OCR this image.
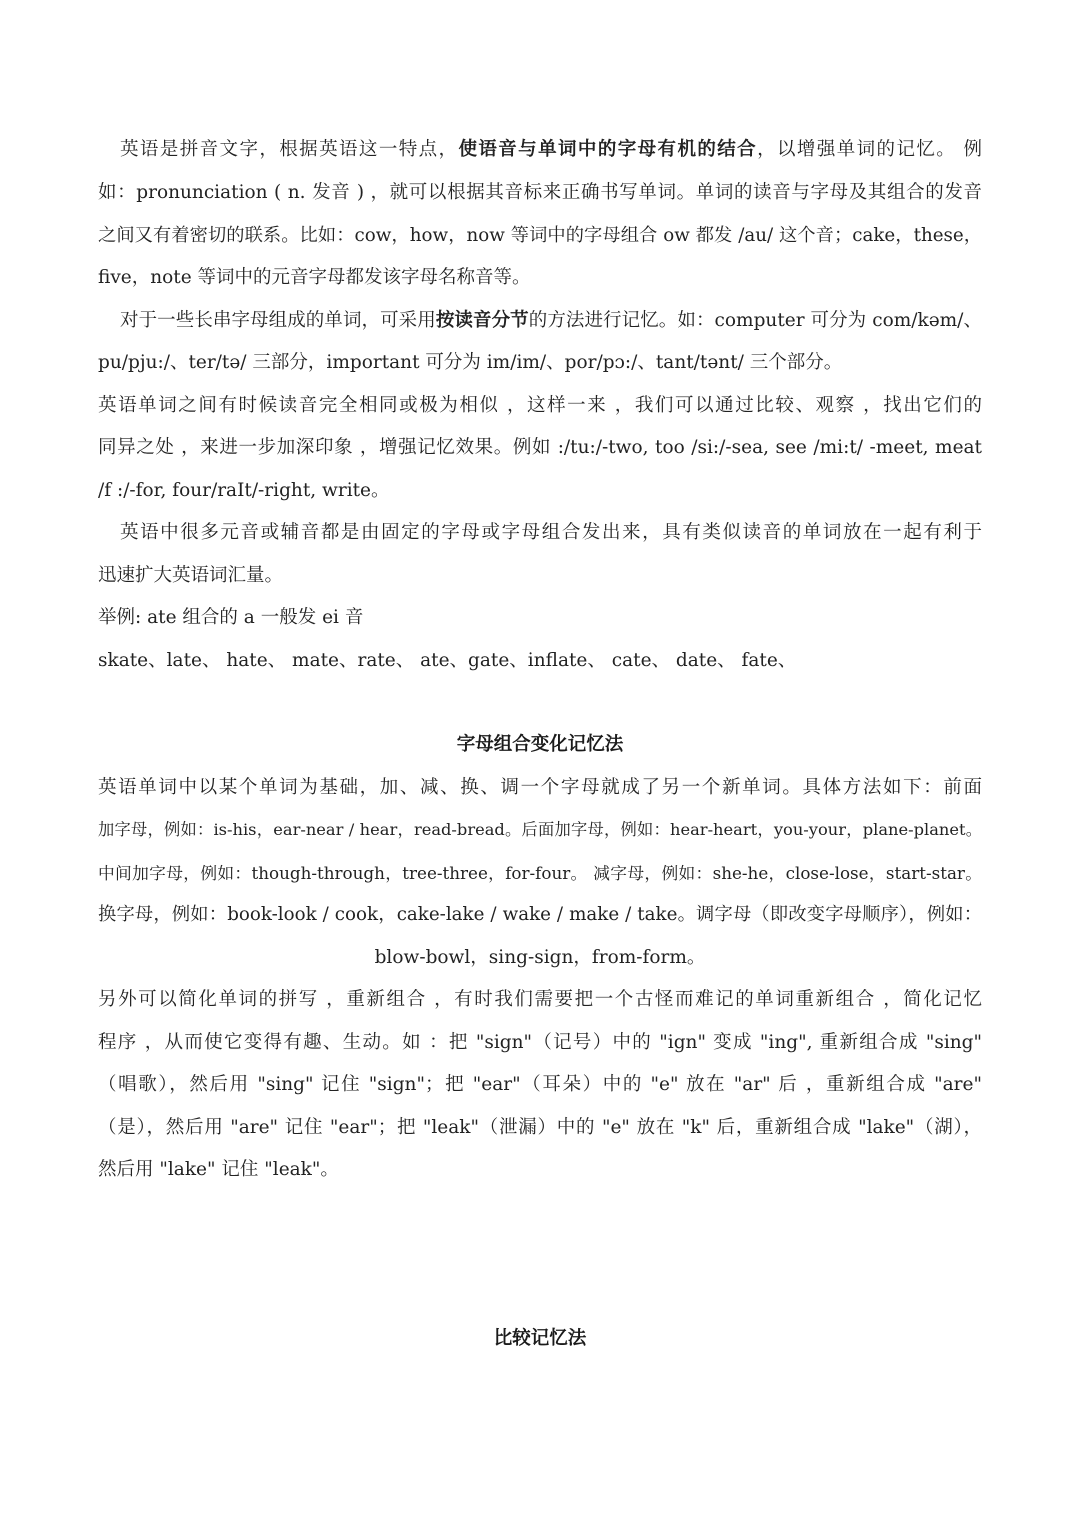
英语是拼音文字，根据英语这一特点，使语音与单词中的字母有机的结合，以增强单词的记忆。 例
如：pronunciation ( n. 发音 ) ，就可以根据其音标来正确书写单词。单词的读音与字母及其组合的发音
之间又有着密切的联系。比如：cow，how，now 等词中的字母组合 ow 都发 /au/ 这个音；cake，these，
five，note 等词中的元音字母都发该字母名称音等。
对于一些长串字母组成的单词，可采用按读音分节的方法进行记忆。如：computer 可分为 com/kəm/、
pu/pju:/、ter/tə/ 三部分，important 可分为 im/im/、por/pɔ:/、tant/tənt/ 三个部分。
英语单词之间有时候读音完全相同或极为相似 ，这样一来 ，我们可以通过比较、观察 ，找出它们的
同异之处 ，来进一步加深印象 ，增强记忆效果。例如 :/tu:/-two, too /si:/-sea, see /mi:t/ -meet, meat
/f :/-for, four/raIt/-right, write。
英语中很多元音或辅音都是由固定的字母或字母组合发出来，具有类似读音的单词放在一起有利于
迅速扩大英语词汇量。
举例: ate 组合的 a 一般发 ei 音
skate、late、 hate、 mate、rate、 ate、gate、inflate、 cate、 date、 fate、
字母组合变化记忆法
英语单词中以某个单词为基础，加、减、换、调一个字母就成了另一个新单词。具体方法如下：前面
加字母，例如：is-his，ear-near / hear，read-bread。后面加字母，例如：hear-heart，you-your，plane-planet。
中间加字母，例如：though-through，tree-three，for-four。 减字母，例如：she-he，close-lose，start-star。
换字母，例如：book-look / cook，cake-lake / wake / make / take。调字母（即改变字母顺序），例如：
blow-bowl，sing-sign，from-form。
另外可以简化单词的拼写 ，重新组合 ，有时我们需要把一个古怪而难记的单词重新组合 ，简化记忆
程序 ，从而使它变得有趣、生动。如 ：把 "sign"（记号）中的 "ign" 变成 "ing", 重新组合成 "sing"
（唱歌），然后用 "sing" 记住 "sign"；把 "ear"（耳朵）中的 "e" 放在 "ar" 后 ，重新组合成 "are"
（是），然后用 "are" 记住 "ear"；把 "leak"（泄漏）中的 "e" 放在 "k" 后，重新组合成 "lake"（湖），
然后用 "lake" 记住 "leak"。
比较记忆法
